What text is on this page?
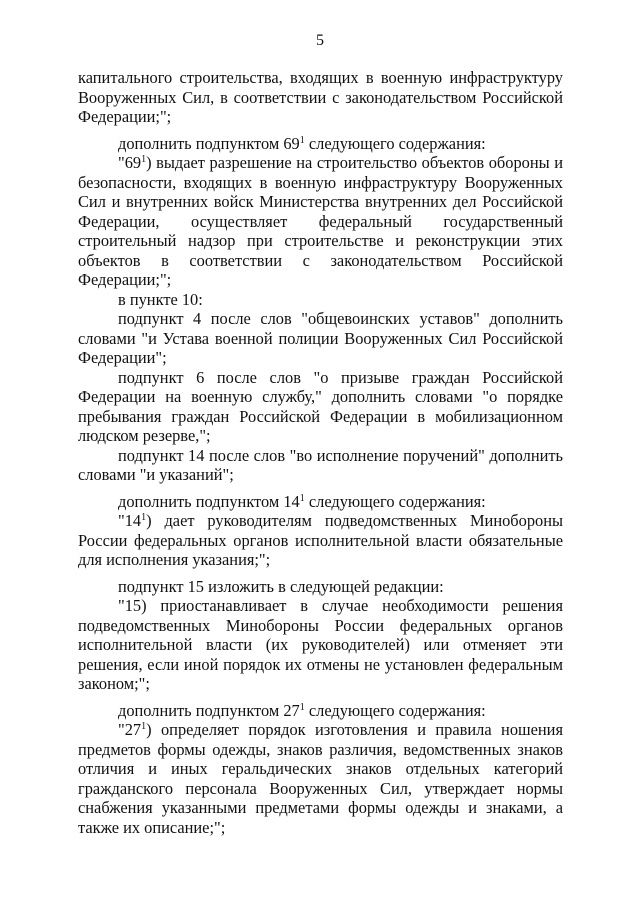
5

капитального строительства, входящих в военную инфраструктуру Вооруженных Сил, в соответствии с законодательством Российской Федерации;";

дополнить подпунктом $69^1$ следующего содержания:

"$69^1$) выдает разрешение на строительство объектов обороны и безопасности, входящих в военную инфраструктуру Вооруженных Сил и внутренних войск Министерства внутренних дел Российской Федерации, осуществляет федеральный государственный строительный надзор при строительстве и реконструкции этих объектов в соответствии с законодательством Российской Федерации;";

в пункте 10:

подпункт 4 после слов "общевоинских уставов" дополнить словами "и Устава военной полиции Вооруженных Сил Российской Федерации";

подпункт 6 после слов "о призыве граждан Российской Федерации на военную службу," дополнить словами "о порядке пребывания граждан Российской Федерации в мобилизационном людском резерве,";

подпункт 14 после слов "во исполнение поручений" дополнить словами "и указаний";

дополнить подпунктом $14^1$ следующего содержания:

"$14^1$) дает руководителям подведомственных Минобороны России федеральных органов исполнительной власти обязательные для исполнения указания;";

подпункт 15 изложить в следующей редакции:

"15) приостанавливает в случае необходимости решения подведомственных Минобороны России федеральных органов исполнительной власти (их руководителей) или отменяет эти решения, если иной порядок их отмены не установлен федеральным законом;";

дополнить подпунктом $27^1$ следующего содержания:

"$27^1$) определяет порядок изготовления и правила ношения предметов формы одежды, знаков различия, ведомственных знаков отличия и иных геральдических знаков отдельных категорий гражданского персонала Вооруженных Сил, утверждает нормы снабжения указанными предметами формы одежды и знаками, а также их описание;";
